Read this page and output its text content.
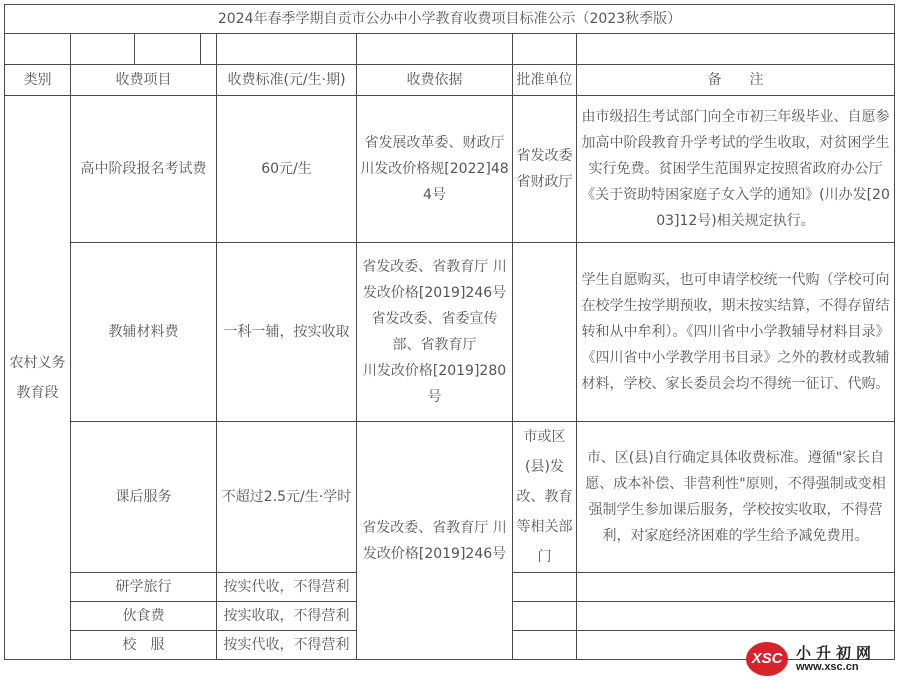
2024年春季学期自贡市公办中小学教育收费项目标准公示（2023秋季版）							

类别	收费项目			收费标准(元/生·期)	收费依据	批准单位	备　　注
农村义务教育段	高中阶段报名考试费			60元/生	省发展改革委、财政厅 川发改价格规[2022]484号	省发改委 省财政厅	由市级招生考试部门向全市初三年级毕业、自愿参加高中阶段教育升学考试的学生收取，对贫困学生实行免费。贫困学生范围界定按照省政府办公厅《关于资助特困家庭子女入学的通知》(川办发[2003]12号)相关规定执行。
	教辅材料费			一科一辅，按实收取	省发改委、省教育厅 川发改价格[2019]246号 省发改委、省委宣传部、省教育厅　　　　川发改价格[2019]280号		学生自愿购买，也可申请学校统一代购（学校可向在校学生按学期预收，期末按实结算，不得存留结转和从中牟利）。《四川省中小学教辅导材料目录》《四川省中小学教学用书目录》之外的教材或教辅材料，学校、家长委员会均不得统一征订、代购。
	课后服务			不超过2.5元/生·学时	省发改委、省教育厅 川发改价格[2019]246号	市或区(县)发改、教育等相关部门	市、区(县)自行确定具体收费标准。遵循"家长自愿、成本补偿、非营利性"原则，不得强制或变相强制学生参加课后服务，学校按实收取，不得营利，对家庭经济困难的学生给予减免费用。
	研学旅行			按实代收，不得营利			
	伙食费			按实收取，不得营利			
	校　服			按实代收，不得营利			
XSC 小升初网
www.xsc.cn
